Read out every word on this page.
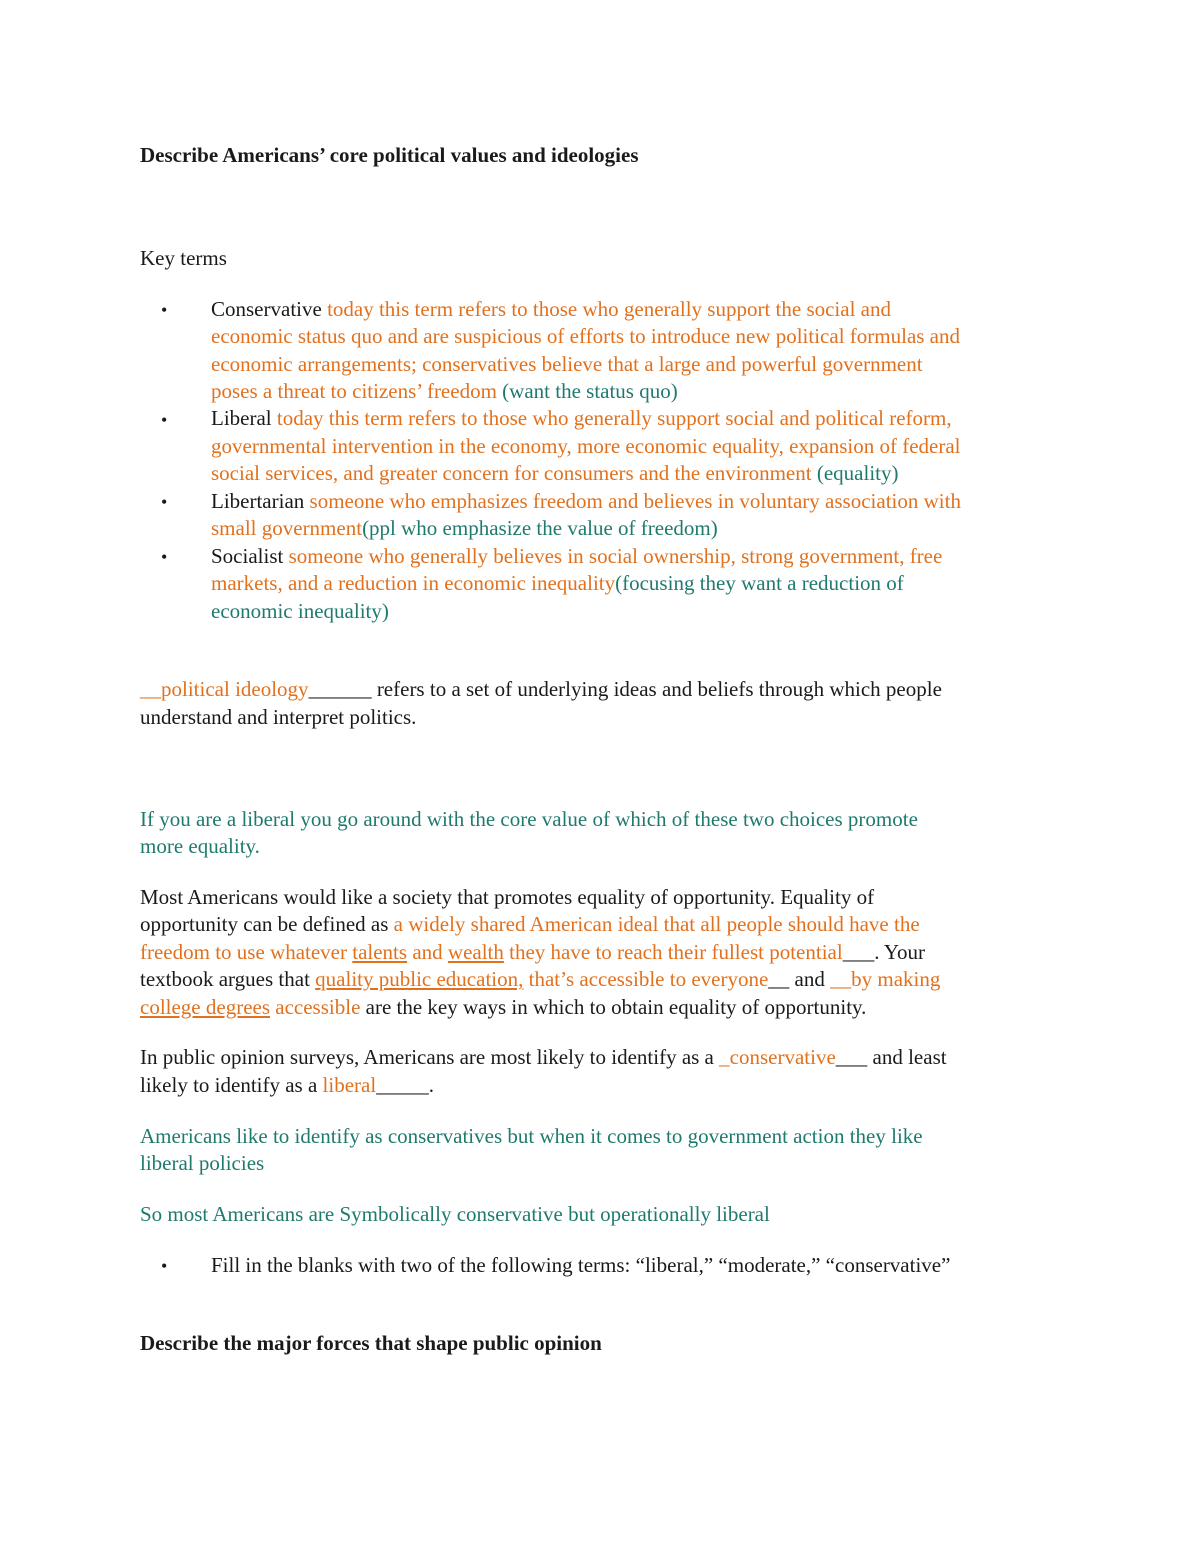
Describe Americans’ core political values and ideologies
Key terms
•
Conservative today this term refers to those who generally support the social and
economic status quo and are suspicious of efforts to introduce new political formulas and
economic arrangements; conservatives believe that a large and powerful government
poses a threat to citizens’ freedom (want the status quo)
•
Liberal today this term refers to those who generally support social and political reform,
governmental intervention in the economy, more economic equality, expansion of federal
social services, and greater concern for consumers and the environment (equality)
•
Libertarian someone who emphasizes freedom and believes in voluntary association with
small government(ppl who emphasize the value of freedom)
•
Socialist someone who generally believes in social ownership, strong government, free
markets, and a reduction in economic inequality(focusing they want a reduction of
economic inequality)
__political ideology______ refers to a set of underlying ideas and beliefs through which people
understand and interpret politics.
If you are a liberal you go around with the core value of which of these two choices promote
more equality.
Most Americans would like a society that promotes equality of opportunity. Equality of
opportunity can be defined as a widely shared American ideal that all people should have the
freedom to use whatever talents and wealth they have to reach their fullest potential___. Your
textbook argues that quality public education, that’s accessible to everyone__ and __by making
college degrees accessible are the key ways in which to obtain equality of opportunity.
In public opinion surveys, Americans are most likely to identify as a _conservative___ and least
likely to identify as a liberal_____.
Americans like to identify as conservatives but when it comes to government action they like
liberal policies
So most Americans are Symbolically conservative but operationally liberal
•
Fill in the blanks with two of the following terms: “liberal,” “moderate,” “conservative”
Describe the major forces that shape public opinion
